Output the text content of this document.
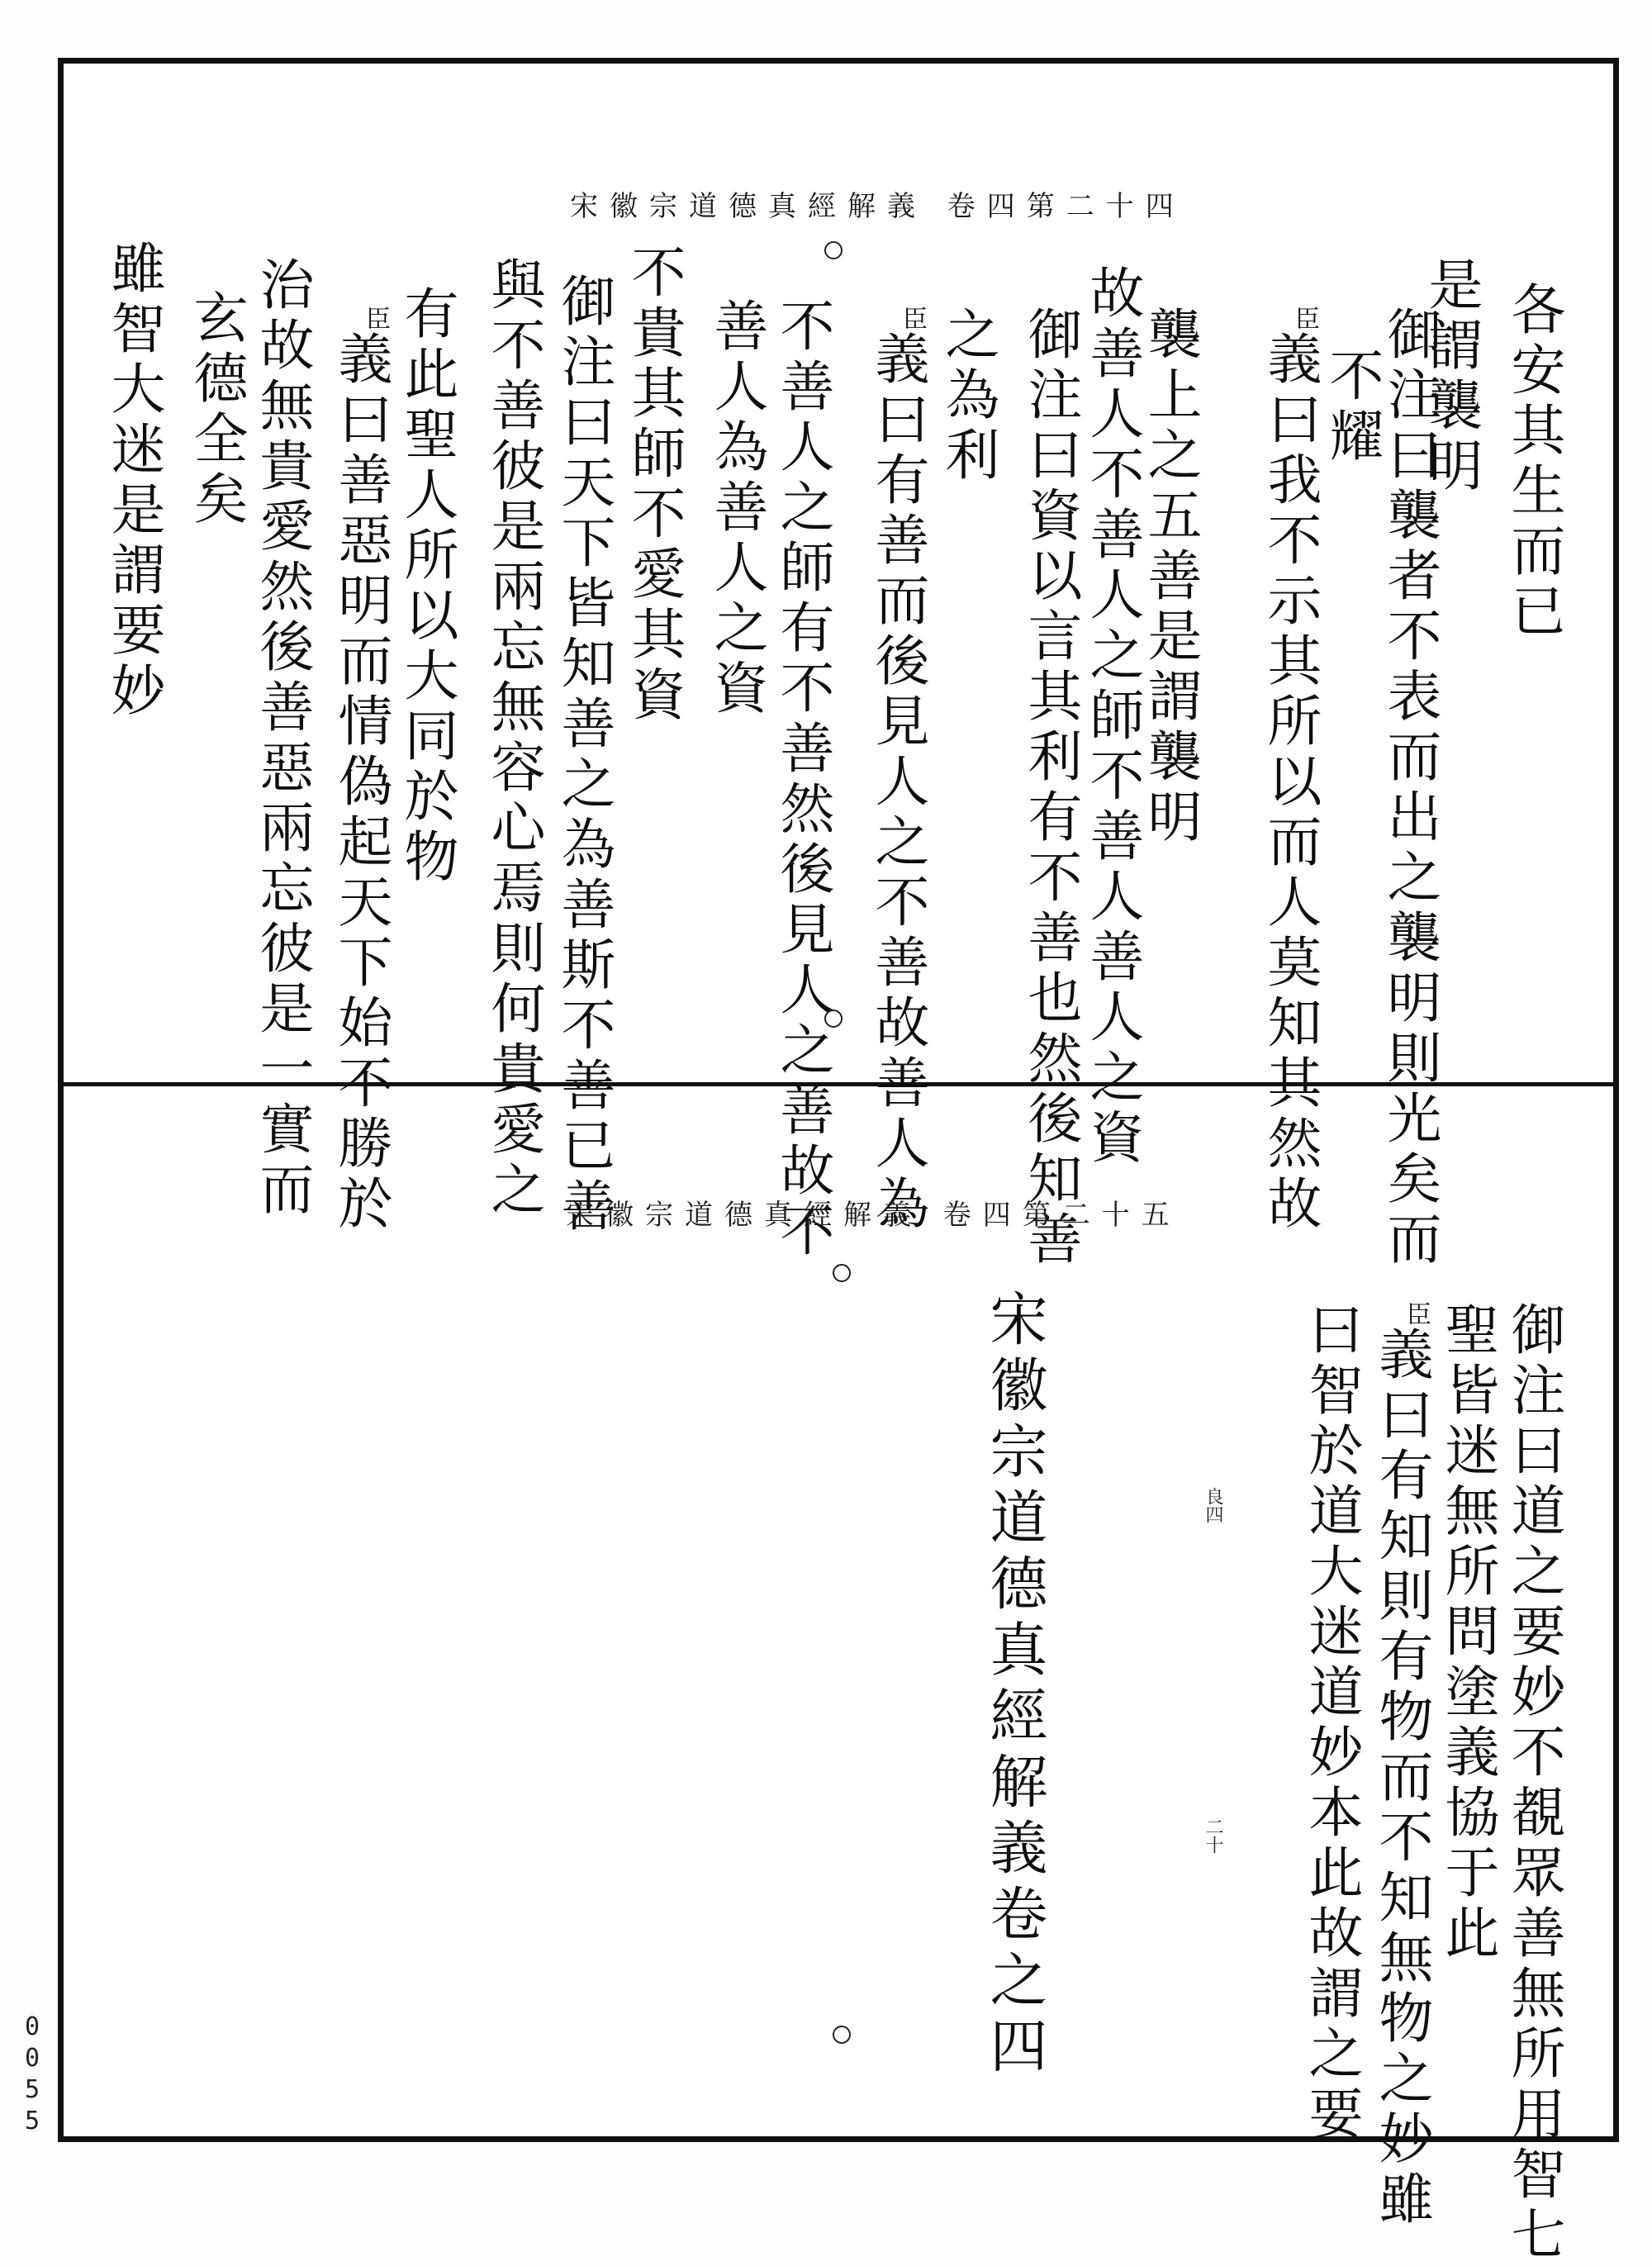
宋徽宗道德真經解義 卷四第二十四
各安其生而已
是謂襲明
御注曰襲者不表而出之襲明則光矣而
不耀
$^臣$義曰我不示其所以而人莫知其然故
襲上之五善是謂襲明
故善人不善人之師不善人善人之資
御注曰資以言其利有不善也然後知善
之為利
$^臣$義曰有善而後見人之不善故善人為
不善人之師有不善然後見人之善故不
善人為善人之資
不貴其師不愛其資
御注曰天下皆知善之為善斯不善已善
與不善彼是兩忘無容心焉則何貴愛之
有此聖人所以大同於物
$^臣$義曰善惡明而情偽起天下始不勝於
治故無貴愛然後善惡兩忘彼是一實而
玄德全矣
雖智大迷是謂要妙
宋徽宗道德真經解義 卷四第二十五
御注曰道之要妙不覩眾善無所用智七
聖皆迷無所問塗義協于此
$^臣$義曰有知則有物而不知無物之妙雖
曰智於道大迷道妙本此故謂之要
良四
二十
宋徽宗道德真經解義卷之四
0055
